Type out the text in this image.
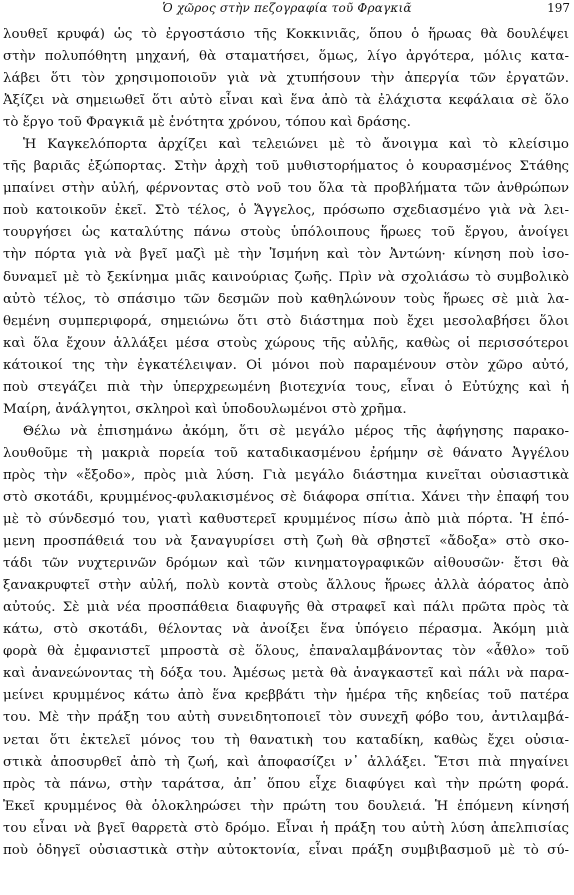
Ὁ χῶρος στὴν πεζογραφία τοῦ Φραγκιᾶ	197
λουθεῖ κρυφά) ὡς τὸ ἐργοστάσιο τῆς Κοκκινιᾶς, ὅπου ὁ ἥρωας θὰ δουλέψει
στὴν πολυπόθητη μηχανή, θὰ σταματήσει, ὅμως, λίγο ἀργότερα, μόλις κατα-
λάβει ὅτι τὸν χρησιμοποιοῦν γιὰ νὰ χτυπήσουν τὴν ἀπεργία τῶν ἐργατῶν.
Ἀξίζει νὰ σημειωθεῖ ὅτι αὐτὸ εἶναι καὶ ἕνα ἀπὸ τὰ ἐλάχιστα κεφάλαια σὲ ὅλο
τὸ ἔργο τοῦ Φραγκιᾶ μὲ ἑνότητα χρόνου, τόπου καὶ δράσης.
Ἡ Καγκελόπορτα ἀρχίζει καὶ τελειώνει μὲ τὸ ἄνοιγμα καὶ τὸ κλείσιμο
τῆς βαριᾶς ἐξώπορτας. Στὴν ἀρχὴ τοῦ μυθιστορήματος ὁ κουρασμένος Στάθης
μπαίνει στὴν αὐλή, φέρνοντας στὸ νοῦ του ὅλα τὰ προβλήματα τῶν ἀνθρώπων
ποὺ κατοικοῦν ἐκεῖ. Στὸ τέλος, ὁ Ἄγγελος, πρόσωπο σχεδιασμένο γιὰ νὰ λει-
τουργήσει ὡς καταλύτης πάνω στοὺς ὑπόλοιπους ἥρωες τοῦ ἔργου, ἀνοίγει
τὴν πόρτα γιὰ νὰ βγεῖ μαζὶ μὲ τὴν Ἰσμήνη καὶ τὸν Ἀντώνη· κίνηση ποὺ ἰσο-
δυναμεῖ μὲ τὸ ξεκίνημα μιᾶς καινούριας ζωῆς. Πρὶν νὰ σχολιάσω τὸ συμβολικὸ
αὐτὸ τέλος, τὸ σπάσιμο τῶν δεσμῶν ποὺ καθηλώνουν τοὺς ἥρωες σὲ μιὰ λα-
θεμένη συμπεριφορά, σημειώνω ὅτι στὸ διάστημα ποὺ ἔχει μεσολαβήσει ὅλοι
καὶ ὅλα ἔχουν ἀλλάξει μέσα στοὺς χώρους τῆς αὐλῆς, καθὼς οἱ περισσότεροι
κάτοικοί της τὴν ἐγκατέλειψαν. Οἱ μόνοι ποὺ παραμένουν στὸν χῶρο αὐτό,
ποὺ στεγάζει πιὰ τὴν ὑπερχρεωμένη βιοτεχνία τους, εἶναι ὁ Εὐτύχης καὶ ἡ
Μαίρη, ἀνάλγητοι, σκληροὶ καὶ ὑποδουλωμένοι στὸ χρῆμα.
Θέλω νὰ ἐπισημάνω ἀκόμη, ὅτι σὲ μεγάλο μέρος τῆς ἀφήγησης παρακο-
λουθοῦμε τὴ μακριὰ πορεία τοῦ καταδικασμένου ἐρήμην σὲ θάνατο Ἀγγέλου
πρὸς τὴν «ἔξοδο», πρὸς μιὰ λύση. Γιὰ μεγάλο διάστημα κινεῖται οὐσιαστικὰ
στὸ σκοτάδι, κρυμμένος-φυλακισμένος σὲ διάφορα σπίτια. Χάνει τὴν ἐπαφή του
μὲ τὸ σύνδεσμό του, γιατὶ καθυστερεῖ κρυμμένος πίσω ἀπὸ μιὰ πόρτα. Ἡ ἑπό-
μενη προσπάθειά του νὰ ξαναγυρίσει στὴ ζωὴ θὰ σβηστεῖ «ἄδοξα» στὸ σκο-
τάδι τῶν νυχτερινῶν δρόμων καὶ τῶν κινηματογραφικῶν αἰθουσῶν· ἔτσι θὰ
ξανακρυφτεῖ στὴν αὐλή, πολὺ κοντὰ στοὺς ἄλλους ἥρωες ἀλλὰ ἀόρατος ἀπὸ
αὐτούς. Σὲ μιὰ νέα προσπάθεια διαφυγῆς θὰ στραφεῖ καὶ πάλι πρῶτα πρὸς τὰ
κάτω, στὸ σκοτάδι, θέλοντας νὰ ἀνοίξει ἕνα ὑπόγειο πέρασμα. Ἀκόμη μιὰ
φορὰ θὰ ἐμφανιστεῖ μπροστὰ σὲ ὅλους, ἐπαναλαμβάνοντας τὸν «ἆθλο» τοῦ
καὶ ἀνανεώνοντας τὴ δόξα του. Ἀμέσως μετὰ θὰ ἀναγκαστεῖ καὶ πάλι νὰ παρα-
μείνει κρυμμένος κάτω ἀπὸ ἕνα κρεββάτι τὴν ἡμέρα τῆς κηδείας τοῦ πατέρα
του. Μὲ τὴν πράξη του αὐτὴ συνειδητοποιεῖ τὸν συνεχῆ φόβο του, ἀντιλαμβά-
νεται ὅτι ἐκτελεῖ μόνος του τὴ θανατικὴ του καταδίκη, καθὼς ἔχει οὐσια-
στικὰ ἀποσυρθεῖ ἀπὸ τὴ ζωή, καὶ ἀποφασίζει ν᾽ ἀλλάξει. Ἔτσι πιὰ πηγαίνει
πρὸς τὰ πάνω, στὴν ταράτσα, ἀπ᾽ ὅπου εἶχε διαφύγει καὶ τὴν πρώτη φορά.
Ἐκεῖ κρυμμένος θὰ ὁλοκληρώσει τὴν πρώτη του δουλειά. Ἡ ἑπόμενη κίνησή
του εἶναι νὰ βγεῖ θαρρετὰ στὸ δρόμο. Εἶναι ἡ πράξη του αὐτὴ λύση ἀπελπισίας
ποὺ ὁδηγεῖ οὐσιαστικὰ στὴν αὐτοκτονία, εἶναι πράξη συμβιβασμοῦ μὲ τὸ σύ-
